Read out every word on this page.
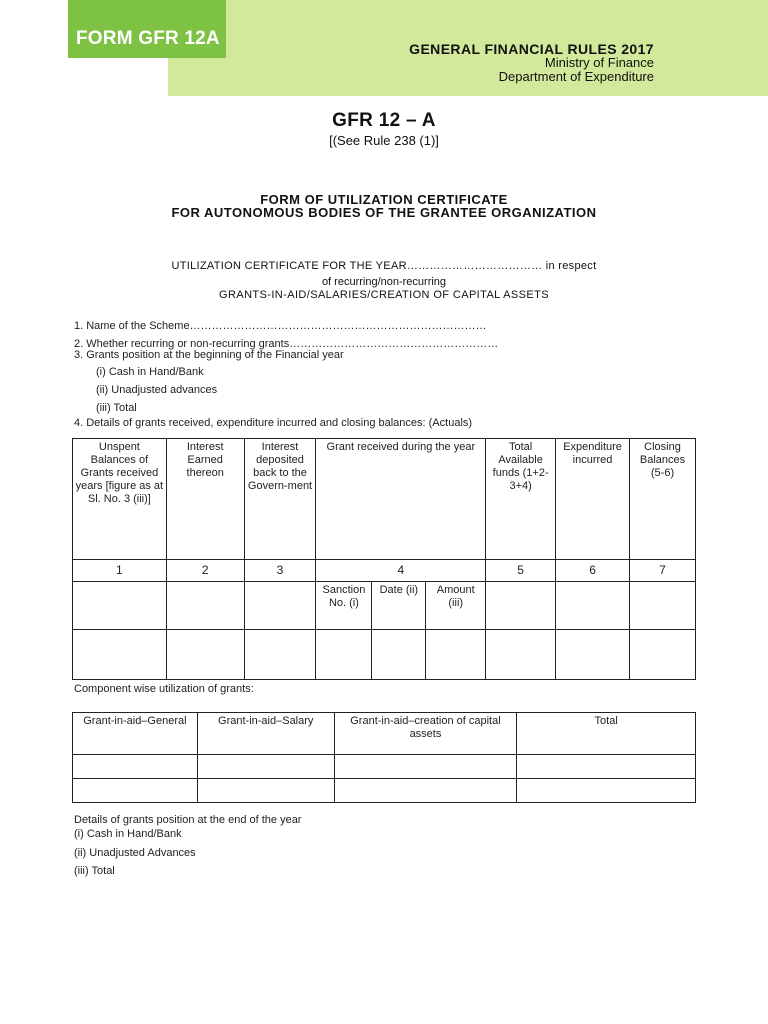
FORM GFR 12A	GENERAL FINANCIAL RULES 2017
Ministry of Finance
Department of Expenditure
GFR 12 – A
[(See Rule 238 (1)]
FORM OF UTILIZATION CERTIFICATE
FOR AUTONOMOUS BODIES OF THE GRANTEE ORGANIZATION
UTILIZATION CERTIFICATE FOR THE YEAR……………………………… in respect
of recurring/non-recurring
GRANTS-IN-AID/SALARIES/CREATION OF CAPITAL ASSETS
1. Name of the Scheme………………………………………………………………………
2. Whether recurring or non-recurring grants…………………………………………………
3. Grants position at the beginning of the Financial year
(i) Cash in Hand/Bank
(ii) Unadjusted advances
(iii) Total
4. Details of grants received, expenditure incurred and closing balances: (Actuals)
Unspent Balances of Grants received years [figure as at Sl. No. 3 (iii)]	Interest Earned thereon	Interest deposited back to the Govern-ment	Grant received during the year			Total Available funds (1+2-3+4)	Expenditure incurred	Closing Balances (5-6)
1	2	3	4			5	6	7
			Sanction No. (i)	Date (ii)	Amount (iii)			

Component wise utilization of grants:
Grant-in-aid–General	Grant-in-aid–Salary	Grant-in-aid–creation of capital assets	Total

Details of grants position at the end of the year
(i) Cash in Hand/Bank
(ii) Unadjusted Advances
(iii) Total
